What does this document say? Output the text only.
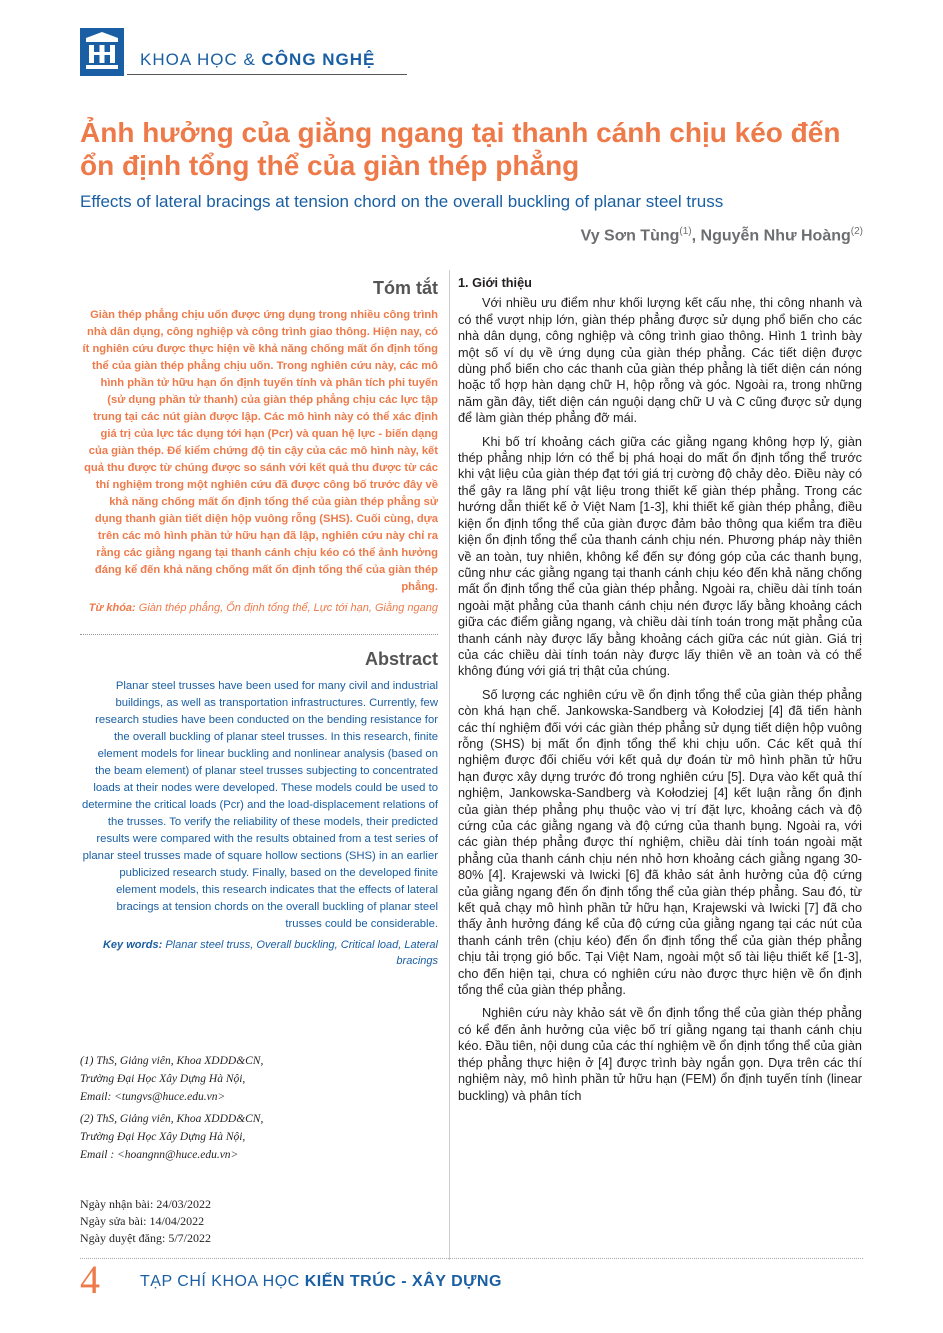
KHOA HỌC & CÔNG NGHỆ
Ảnh hưởng của giằng ngang tại thanh cánh chịu kéo đến ổn định tổng thể của giàn thép phẳng
Effects of lateral bracings at tension chord on the overall buckling of planar steel truss
Vy Sơn Tùng$^{(1)}$, Nguyễn Như Hoàng$^{(2)}$
Tóm tắt

Giàn thép phẳng chịu uốn được ứng dụng trong nhiều công trình nhà dân dụng, công nghiệp và công trình giao thông. Hiện nay, có ít nghiên cứu được thực hiện về khả năng chống mất ổn định tổng thể của giàn thép phẳng chịu uốn. Trong nghiên cứu này, các mô hình phần tử hữu hạn ổn định tuyến tính và phân tích phi tuyến (sử dụng phần tử thanh) của giàn thép phẳng chịu các lực tập trung tại các nút giàn được lập. Các mô hình này có thể xác định giá trị của lực tác dụng tới hạn (Pcr) và quan hệ lực - biến dạng của giàn thép. Để kiểm chứng độ tin cậy của các mô hình này, kết quả thu được từ chúng được so sánh với kết quả thu được từ các thí nghiệm trong một nghiên cứu đã được công bố trước đây về khả năng chống mất ổn định tổng thể của giàn thép phẳng sử dụng thanh giàn tiết diện hộp vuông rỗng (SHS). Cuối cùng, dựa trên các mô hình phần tử hữu hạn đã lập, nghiên cứu này chỉ ra rằng các giằng ngang tại thanh cánh chịu kéo có thể ảnh hưởng đáng kể đến khả năng chống mất ổn định tổng thể của giàn thép phẳng.

Từ khóa: Giàn thép phẳng, Ổn định tổng thể, Lực tới hạn, Giằng ngang

Abstract

Planar steel trusses have been used for many civil and industrial buildings, as well as transportation infrastructures. Currently, few research studies have been conducted on the bending resistance for the overall buckling of planar steel trusses. In this research, finite element models for linear buckling and nonlinear analysis (based on the beam element) of planar steel trusses subjecting to concentrated loads at their nodes were developed. These models could be used to determine the critical loads (Pcr) and the load-displacement relations of the trusses. To verify the reliability of these models, their predicted results were compared with the results obtained from a test series of planar steel trusses made of square hollow sections (SHS) in an earlier publicized research study. Finally, based on the developed finite element models, this research indicates that the effects of lateral bracings at tension chords on the overall buckling of planar steel trusses could be considerable.

Key words: Planar steel truss, Overall buckling, Critical load, Lateral bracings

(1) ThS, Giảng viên, Khoa XDDD&CN,
Trường Đại Học Xây Dựng Hà Nội,
Email: <tungvs@huce.edu.vn>

(2) ThS, Giảng viên, Khoa XDDD&CN,
Trường Đại Học Xây Dựng Hà Nội,
Email : <hoangnn@huce.edu.vn>

Ngày nhận bài: 24/03/2022

Ngày sửa bài: 14/04/2022

Ngày duyệt đăng: 5/7/2022

1. Giới thiệu

Với nhiều ưu điểm như khối lượng kết cấu nhẹ, thi công nhanh và có thể vượt nhịp lớn, giàn thép phẳng được sử dụng phổ biến cho các nhà dân dụng, công nghiệp và công trình giao thông. Hình 1 trình bày một số ví dụ về ứng dụng của giàn thép phẳng. Các tiết diện được dùng phổ biến cho các thanh của giàn thép phẳng là tiết diện cán nóng hoặc tổ hợp hàn dạng chữ H, hộp rỗng và góc. Ngoài ra, trong những năm gần đây, tiết diện cán nguội dạng chữ U và C cũng được sử dụng để làm giàn thép phẳng đỡ mái.

Khi bố trí khoảng cách giữa các giằng ngang không hợp lý, giàn thép phẳng nhịp lớn có thể bị phá hoại do mất ổn định tổng thể trước khi vật liệu của giàn thép đạt tới giá trị cường độ chảy dẻo. Điều này có thể gây ra lãng phí vật liệu trong thiết kế giàn thép phẳng. Trong các hướng dẫn thiết kế ở Việt Nam [1-3], khi thiết kế giàn thép phẳng, điều kiện ổn định tổng thể của giàn được đảm bảo thông qua kiểm tra điều kiện ổn định tổng thể của thanh cánh chịu nén. Phương pháp này thiên về an toàn, tuy nhiên, không kể đến sự đóng góp của các thanh bụng, cũng như các giằng ngang tại thanh cánh chịu kéo đến khả năng chống mất ổn định tổng thể của giàn thép phẳng. Ngoài ra, chiều dài tính toán ngoài mặt phẳng của thanh cánh chịu nén được lấy bằng khoảng cách giữa các điểm giằng ngang, và chiều dài tính toán trong mặt phẳng của thanh cánh này được lấy bằng khoảng cách giữa các nút giàn. Giá trị của các chiều dài tính toán này được lấy thiên về an toàn và có thể không đúng với giá trị thật của chúng.

Số lượng các nghiên cứu về ổn định tổng thể của giàn thép phẳng còn khá hạn chế. Jankowska-Sandberg và Kołodziej [4] đã tiến hành các thí nghiệm đối với các giàn thép phẳng sử dụng tiết diện hộp vuông rỗng (SHS) bị mất ổn định tổng thể khi chịu uốn. Các kết quả thí nghiệm được đối chiếu với kết quả dự đoán từ mô hình phần tử hữu hạn được xây dựng trước đó trong nghiên cứu [5]. Dựa vào kết quả thí nghiệm, Jankowska-Sandberg và Kołodziej [4] kết luận rằng ổn định của giàn thép phẳng phụ thuộc vào vị trí đặt lực, khoảng cách và độ cứng của các giằng ngang và độ cứng của thanh bụng. Ngoài ra, với các giàn thép phẳng được thí nghiệm, chiều dài tính toán ngoài mặt phẳng của thanh cánh chịu nén nhỏ hơn khoảng cách giằng ngang 30-80% [4]. Krajewski và Iwicki [6] đã khảo sát ảnh hưởng của độ cứng của giằng ngang đến ổn định tổng thể của giàn thép phẳng. Sau đó, từ kết quả chạy mô hình phần tử hữu hạn, Krajewski và Iwicki [7] đã cho thấy ảnh hưởng đáng kể của độ cứng của giằng ngang tại các nút của thanh cánh trên (chịu kéo) đến ổn định tổng thể của giàn thép phẳng chịu tải trọng gió bốc. Tại Việt Nam, ngoài một số tài liệu thiết kế [1-3], cho đến hiện tại, chưa có nghiên cứu nào được thực hiện về ổn định tổng thể của giàn thép phẳng.

Nghiên cứu này khảo sát về ổn định tổng thể của giàn thép phẳng có kể đến ảnh hưởng của việc bố trí giằng ngang tại thanh cánh chịu kéo. Đầu tiên, nội dung của các thí nghiệm về ổn định tổng thể của giàn thép phẳng thực hiện ở [4] được trình bày ngắn gọn. Dựa trên các thí nghiệm này, mô hình phần tử hữu hạn (FEM) ổn định tuyến tính (linear buckling) và phân tích

4	TẠP CHÍ KHOA HỌC KIẾN TRÚC - XÂY DỰNG
